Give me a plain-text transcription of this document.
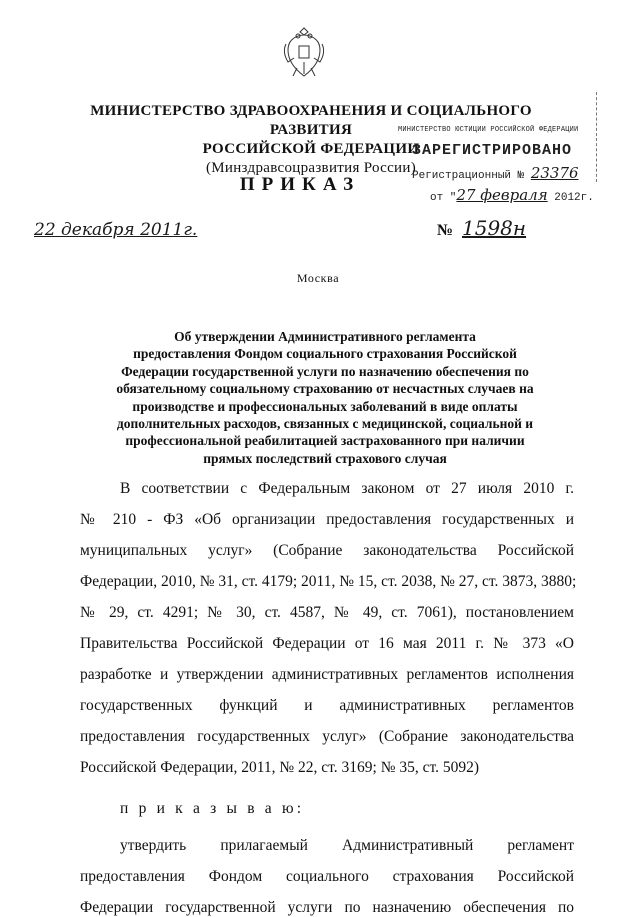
МИНИСТЕРСТВО ЗДРАВООХРАНЕНИЯ И СОЦИАЛЬНОГО РАЗВИТИЯ
РОССИЙСКОЙ ФЕДЕРАЦИИ
(Минздравсоцразвития России)
МИНИСТЕРСТВО ЮСТИЦИИ РОССИЙСКОЙ ФЕДЕРАЦИИ
ЗАРЕГИСТРИРОВАНО
Регистрационный № 23376
от "27 февраля 2012г.
ПРИКАЗ
22 декабря 2011г.	№ 1598н
Москва
Об утверждении Административного регламента
предоставления Фондом социального страхования Российской
Федерации государственной услуги по назначению обеспечения по
обязательному социальному страхованию от несчастных случаев на
производстве и профессиональных заболеваний в виде оплаты
дополнительных расходов, связанных с медицинской, социальной и
профессиональной реабилитацией застрахованного при наличии
прямых последствий страхового случая
В соответствии с Федеральным законом от 27 июля 2010 г.
№ 210 - ФЗ «Об организации предоставления государственных и
муниципальных услуг» (Собрание законодательства Российской
Федерации, 2010, № 31, ст. 4179; 2011, № 15, ст. 2038, № 27, ст. 3873, 3880;
№ 29, ст. 4291; № 30, ст. 4587, № 49, ст. 7061), постановлением
Правительства Российской Федерации от 16 мая 2011 г. № 373 «О
разработке и утверждении административных регламентов исполнения
государственных функций и административных регламентов
предоставления государственных услуг» (Собрание законодательства
Российской Федерации, 2011, № 22, ст. 3169; № 35, ст. 5092)
п р и к а з ы в а ю:
утвердить прилагаемый Административный регламент
предоставления Фондом социального страхования Российской
Федерации государственной услуги по назначению обеспечения по
